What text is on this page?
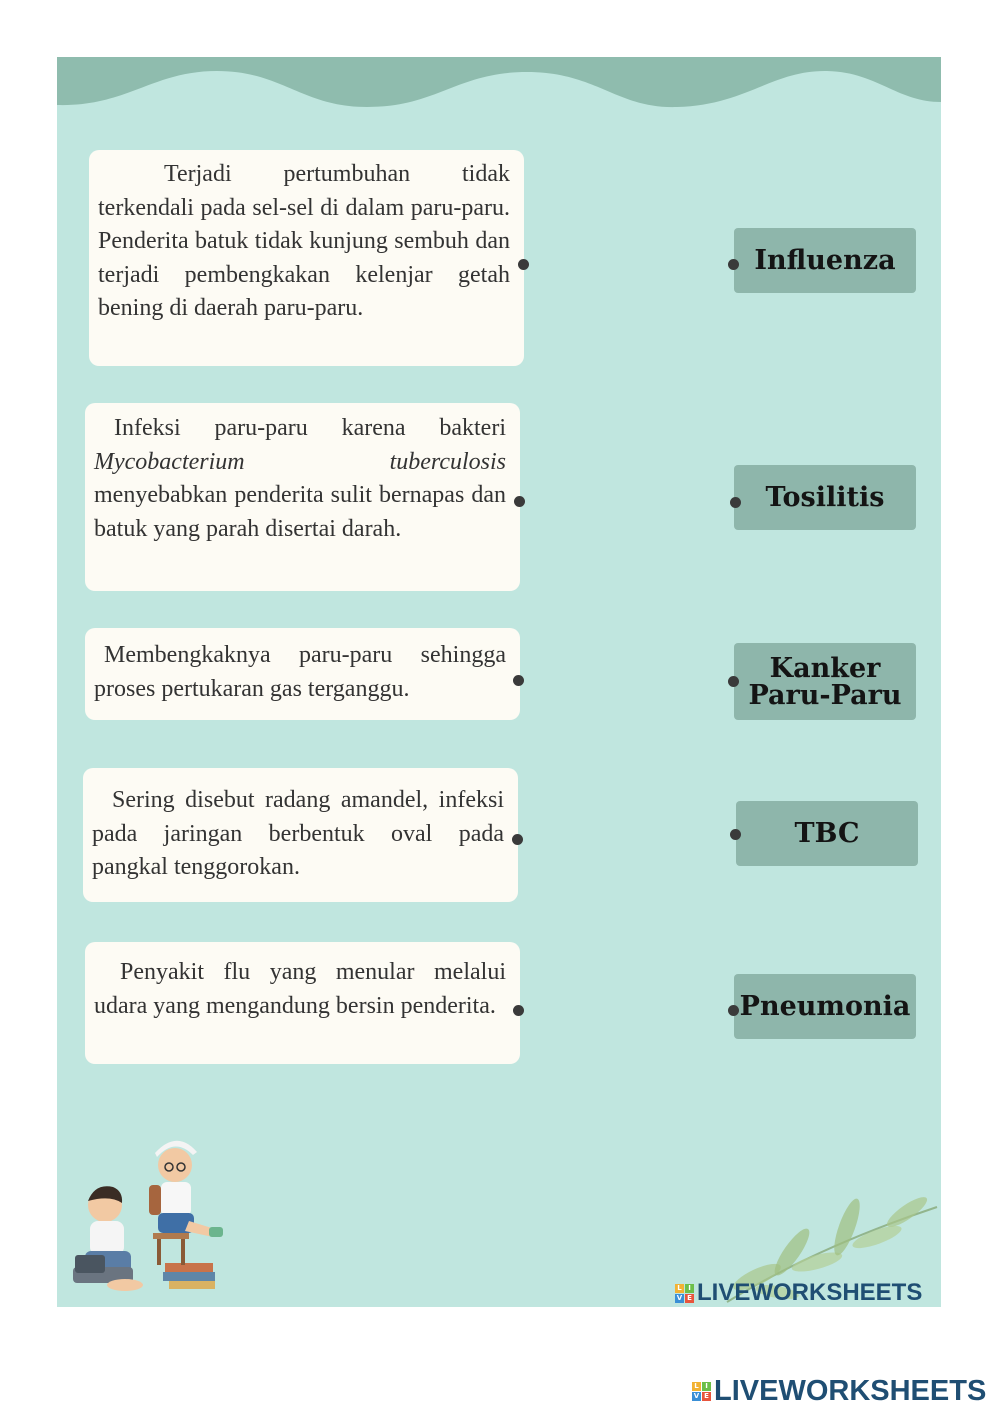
Terjadi pertumbuhan tidak terkendali pada sel-sel di dalam paru-paru. Penderita batuk tidak kunjung sembuh dan terjadi pembengkakan kelenjar getah bening di daerah paru-paru.

Infeksi paru-paru karena bakteri Mycobacterium tuberculosis menyebabkan penderita sulit bernapas dan batuk yang parah disertai darah.

Membengkaknya paru-paru sehingga proses pertukaran gas terganggu.

Sering disebut radang amandel, infeksi pada jaringan berbentuk oval pada pangkal tenggorokan.

Penyakit flu yang menular melalui udara yang mengandung bersin penderita.

Influenza
Tosilitis
Kanker
Paru-Paru
TBC
Pneumonia
L I
V E LIVEWORKSHEETS
L I
V E LIVEWORKSHEETS
